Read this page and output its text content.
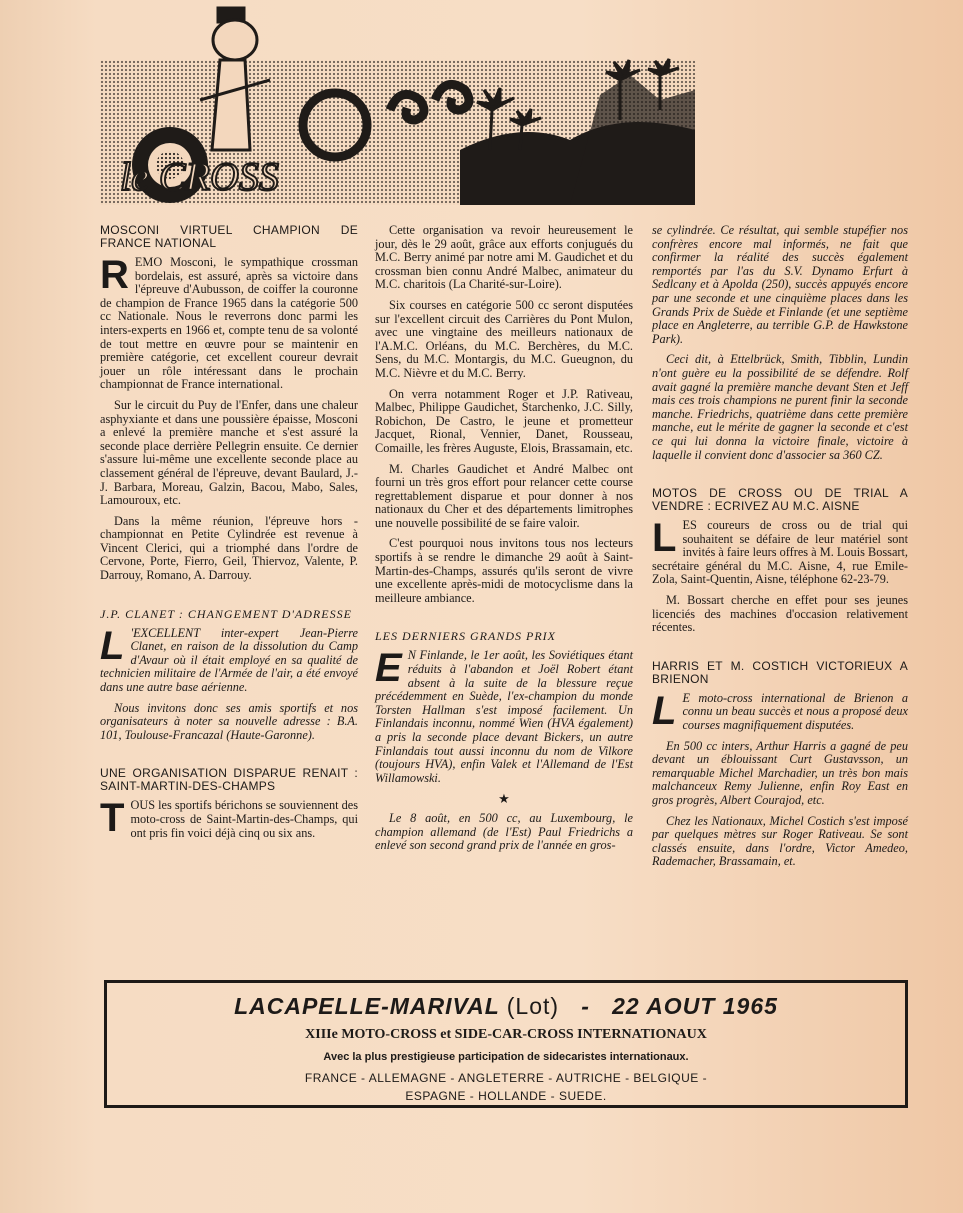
le CROSS
MOSCONI VIRTUEL CHAMPION DE FRANCE NATIONAL

REMO Mosconi, le sympathique crossman bordelais, est assuré, après sa victoire dans l'épreuve d'Aubusson, de coiffer la couronne de champion de France 1965 dans la catégorie 500 cc Nationale. Nous le reverrons donc parmi les inters-experts en 1966 et, compte tenu de sa volonté de tout mettre en œuvre pour se maintenir en première catégorie, cet excellent coureur devrait jouer un rôle intéressant dans le prochain championnat de France international.

Sur le circuit du Puy de l'Enfer, dans une chaleur asphyxiante et dans une poussière épaisse, Mosconi a enlevé la première manche et s'est assuré la seconde place derrière Pellegrin ensuite. Ce dernier s'assure lui-même une excellente seconde place au classement général de l'épreuve, devant Baulard, J.-J. Barbara, Moreau, Galzin, Bacou, Mabo, Sales, Lamouroux, etc.

Dans la même réunion, l'épreuve hors - championnat en Petite Cylindrée est revenue à Vincent Clerici, qui a triomphé dans l'ordre de Cervone, Porte, Fierro, Geil, Thiervoz, Valente, P. Darrouy, Romano, A. Darrouy.

J.P. CLANET : CHANGEMENT D'ADRESSE

L 'EXCELLENT inter-expert Jean-Pierre Clanet, en raison de la dissolution du Camp d'Avaur où il était employé en sa qualité de technicien militaire de l'Armée de l'air, a été envoyé dans une autre base aérienne.

Nous invitons donc ses amis sportifs et nos organisateurs à noter sa nouvelle adresse : B.A. 101, Toulouse-Francazal (Haute-Garonne).

UNE ORGANISATION DISPARUE RENAIT : SAINT-MARTIN-DES-CHAMPS

TOUS les sportifs bérichons se souviennent des moto-cross de Saint-Martin-des-Champs, qui ont pris fin voici déjà cinq ou six ans.

Cette organisation va revoir heureusement le jour, dès le 29 août, grâce aux efforts conjugués du M.C. Berry animé par notre ami M. Gaudichet et du crossman bien connu André Malbec, animateur du M.C. charitois (La Charité-sur-Loire).

Six courses en catégorie 500 cc seront disputées sur l'excellent circuit des Carrières du Pont Mulon, avec une vingtaine des meilleurs nationaux de l'A.M.C. Orléans, du M.C. Berchères, du M.C. Sens, du M.C. Montargis, du M.C. Gueugnon, du M.C. Nièvre et du M.C. Berry.

On verra notamment Roger et J.P. Rativeau, Malbec, Philippe Gaudichet, Starchenko, J.C. Silly, Robichon, De Castro, le jeune et prometteur Jacquet, Rional, Vennier, Danet, Rousseau, Comaille, les frères Auguste, Elois, Brassamain, etc.

M. Charles Gaudichet et André Malbec ont fourni un très gros effort pour relancer cette course regrettablement disparue et pour donner à nos nationaux du Cher et des départements limitrophes une nouvelle possibilité de se faire valoir.

C'est pourquoi nous invitons tous nos lecteurs sportifs à se rendre le dimanche 29 août à Saint-Martin-des-Champs, assurés qu'ils seront de vivre une excellente après-midi de motocyclisme dans la meilleure ambiance.

LES DERNIERS GRANDS PRIX

E N Finlande, le 1er août, les Soviétiques étant réduits à l'abandon et Joël Robert étant absent à la suite de la blessure reçue précédemment en Suède, l'ex-champion du monde Torsten Hallman s'est imposé facilement. Un Finlandais inconnu, nommé Wien (HVA également) a pris la seconde place devant Bickers, un autre Finlandais tout aussi inconnu du nom de Vilkore (toujours HVA), enfin Valek et l'Allemand de l'Est Willamowski.

★

Le 8 août, en 500 cc, au Luxembourg, le champion allemand (de l'Est) Paul Friedrichs a enlevé son second grand prix de l'année en gros-

se cylindrée. Ce résultat, qui semble stupéfier nos confrères encore mal informés, ne fait que confirmer la réalité des succès également remportés par l'as du S.V. Dynamo Erfurt à Sedlcany et à Apolda (250), succès appuyés encore par une seconde et une cinquième places dans les Grands Prix de Suède et Finlande (et une septième place en Angleterre, au terrible G.P. de Hawkstone Park).

Ceci dit, à Ettelbrück, Smith, Tibblin, Lundin n'ont guère eu la possibilité de se défendre. Rolf avait gagné la première manche devant Sten et Jeff mais ces trois champions ne purent finir la seconde manche. Friedrichs, quatrième dans cette première manche, eut le mérite de gagner la seconde et c'est ce qui lui donna la victoire finale, victoire à laquelle il convient donc d'associer sa 360 CZ.

MOTOS DE CROSS OU DE TRIAL A VENDRE : ECRIVEZ AU M.C. AISNE

LES coureurs de cross ou de trial qui souhaitent se défaire de leur matériel sont invités à faire leurs offres à M. Louis Bossart, secrétaire général du M.C. Aisne, 4, rue Emile-Zola, Saint-Quentin, Aisne, téléphone 62-23-79.

M. Bossart cherche en effet pour ses jeunes licenciés des machines d'occasion relativement récentes.

HARRIS ET M. COSTICH VICTORIEUX A BRIENON

L E moto-cross international de Brienon a connu un beau succès et nous a proposé deux courses magnifiquement disputées.

En 500 cc inters, Arthur Harris a gagné de peu devant un éblouissant Curt Gustavsson, un remarquable Michel Marchadier, un très bon mais malchanceux Remy Julienne, enfin Roy East en gros progrès, Albert Courajod, etc.

Chez les Nationaux, Michel Costich s'est imposé par quelques mètres sur Roger Rativeau. Se sont classés ensuite, dans l'ordre, Victor Amedeo, Rademacher, Brassamain, et.

LACAPELLE-MARIVAL (Lot) - 22 AOUT 1965
XIIIe MOTO-CROSS et SIDE-CAR-CROSS INTERNATIONAUX
Avec la plus prestigieuse participation de sidecaristes internationaux.
FRANCE - ALLEMAGNE - ANGLETERRE - AUTRICHE - BELGIQUE -
ESPAGNE - HOLLANDE - SUEDE.
